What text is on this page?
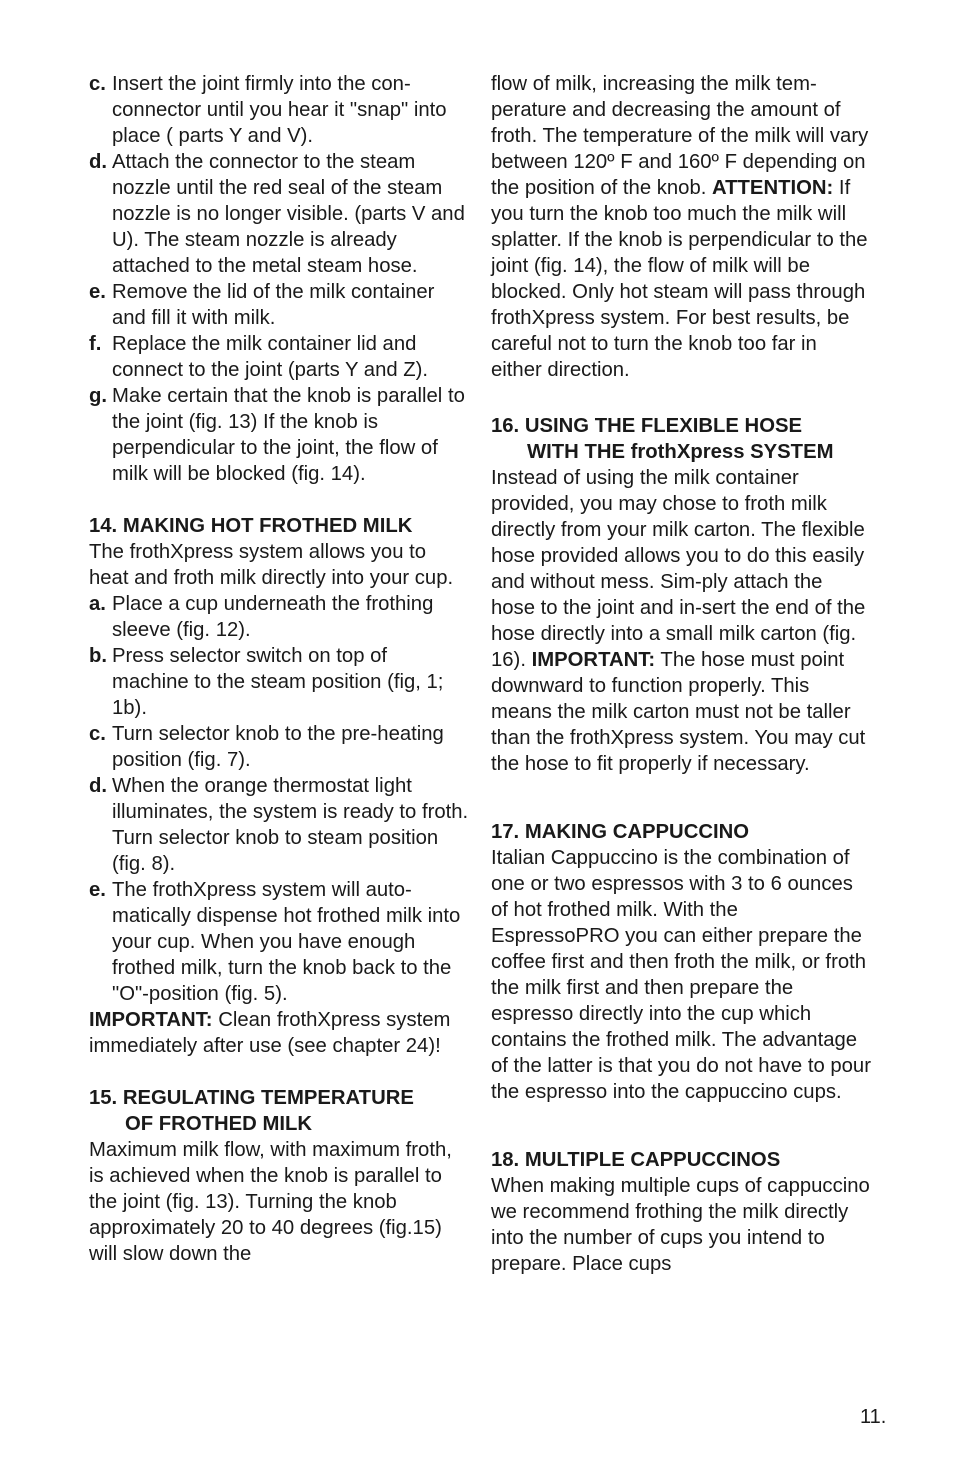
c. Insert the joint firmly into the con-connector until you hear it "snap" into place ( parts Y and V).
d. Attach the connector to the steam nozzle until the red seal of the steam nozzle is no longer visible. (parts V and U). The steam nozzle is already attached to the metal steam hose.
e. Remove the lid of the milk container and fill it with milk.
f. Replace the milk container lid and connect to the joint (parts Y and Z).
g. Make certain that the knob is parallel to the joint (fig. 13) If the knob is perpendicular to the joint, the flow of milk will be blocked (fig. 14).
14. MAKING HOT FROTHED MILK

The frothXpress system allows you to heat and froth milk directly into your cup.

a. Place a cup underneath the frothing sleeve (fig. 12).
b. Press selector switch on top of machine to the steam position (fig, 1; 1b).
c. Turn selector knob to the pre-heating position (fig. 7).
d. When the orange thermostat light illuminates, the system is ready to froth. Turn selector knob to steam position (fig. 8).
e. The frothXpress system will auto-matically dispense hot frothed milk into your cup. When you have enough frothed milk, turn the knob back to the "O"-position (fig. 5).

IMPORTANT: Clean frothXpress system immediately after use (see chapter 24)!

15. REGULATING TEMPERATURE
OF FROTHED MILK

Maximum milk flow, with maximum froth, is achieved when the knob is parallel to the joint (fig. 13). Turning the knob approximately 20 to 40 degrees (fig.15) will slow down the

flow of milk, increasing the milk tem-perature and decreasing the amount of froth. The temperature of the milk will vary between 120º F and 160º F depending on the position of the knob. ATTENTION: If you turn the knob too much the milk will splatter. If the knob is perpendicular to the joint (fig. 14), the flow of milk will be blocked. Only hot steam will pass through frothXpress system. For best results, be careful not to turn the knob too far in either direction.

16. USING THE FLEXIBLE HOSE
WITH THE frothXpress SYSTEM

Instead of using the milk container provided, you may chose to froth milk directly from your milk carton. The flexible hose provided allows you to do this easily and without mess. Sim-ply attach the hose to the joint and in-sert the end of the hose directly into a small milk carton (fig. 16). IMPORTANT: The hose must point downward to function properly. This means the milk carton must not be taller than the frothXpress system. You may cut the hose to fit properly if necessary.

17. MAKING CAPPUCCINO

Italian Cappuccino is the combination of one or two espressos with 3 to 6 ounces of hot frothed milk. With the EspressoPRO you can either prepare the coffee first and then froth the milk, or froth the milk first and then prepare the espresso directly into the cup which contains the frothed milk. The advantage of the latter is that you do not have to pour the espresso into the cappuccino cups.

18. MULTIPLE CAPPUCCINOS

When making multiple cups of cappuccino we recommend frothing the milk directly into the number of cups you intend to prepare. Place cups

11.
